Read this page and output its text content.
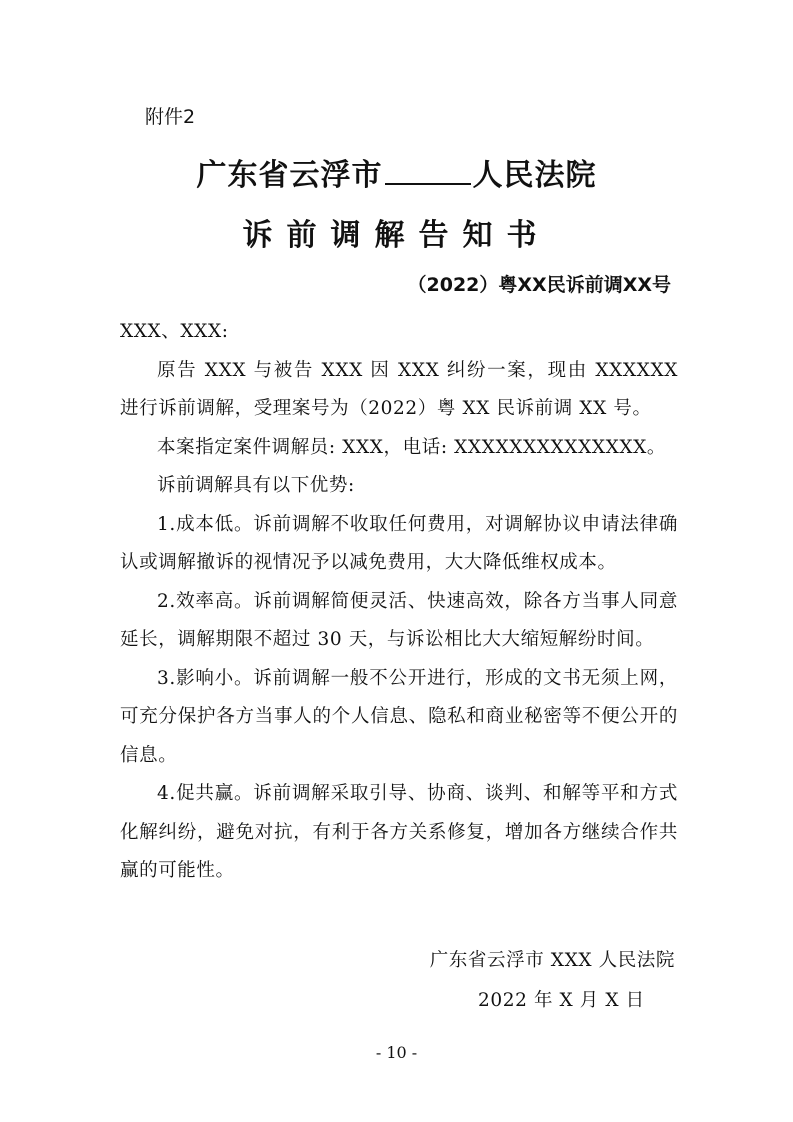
附件2
广东省云浮市	人民法院
诉前调解告知书
（2022）粤XX民诉前调XX号

XXX、XXX:

原告 XXX 与被告 XXX 因 XXX 纠纷一案，现由 XXXXXX 进行诉前调解，受理案号为（2022）粤 XX 民诉前调 XX 号。

本案指定案件调解员: XXX，电话: XXXXXXXXXXXXXX。

诉前调解具有以下优势:

1.成本低。诉前调解不收取任何费用，对调解协议申请法律确认或调解撤诉的视情况予以减免费用，大大降低维权成本。

2.效率高。诉前调解简便灵活、快速高效，除各方当事人同意延长，调解期限不超过 30 天，与诉讼相比大大缩短解纷时间。

3.影响小。诉前调解一般不公开进行，形成的文书无须上网，可充分保护各方当事人的个人信息、隐私和商业秘密等不便公开的信息。

4.促共赢。诉前调解采取引导、协商、谈判、和解等平和方式化解纠纷，避免对抗，有利于各方关系修复，增加各方继续合作共赢的可能性。

广东省云浮市 XXX 人民法院
2022 年 X 月 X 日
- 10 -
